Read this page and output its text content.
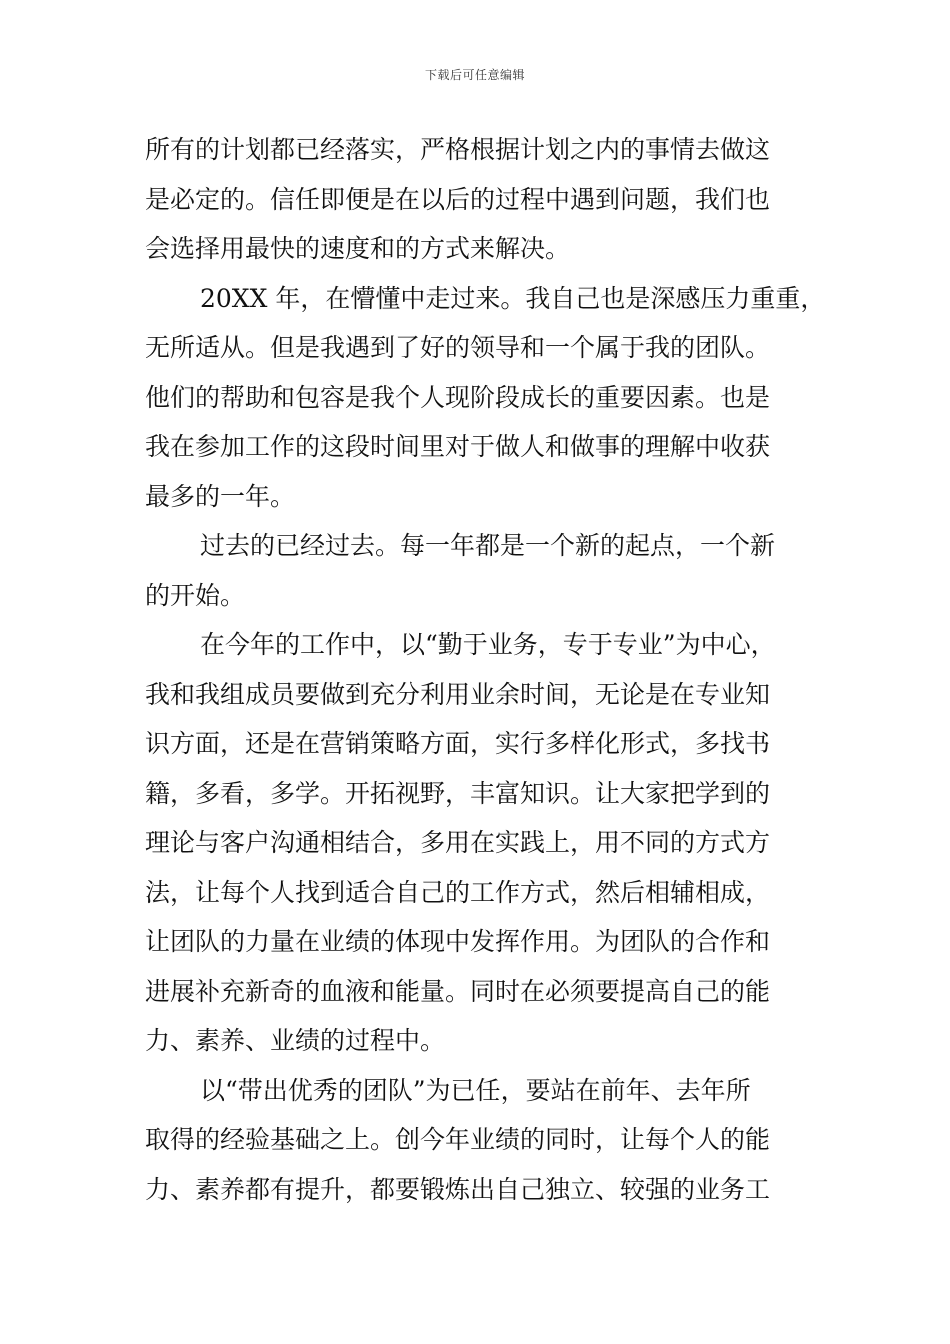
下载后可任意编辑
所有的计划都已经落实，严格根据计划之内的事情去做这
是必定的。信任即便是在以后的过程中遇到问题，我们也
会选择用最快的速度和的方式来解决。
20XX 年，在懵懂中走过来。我自己也是深感压力重重，
无所适从。但是我遇到了好的领导和一个属于我的团队。
他们的帮助和包容是我个人现阶段成长的重要因素。也是
我在参加工作的这段时间里对于做人和做事的理解中收获
最多的一年。
过去的已经过去。每一年都是一个新的起点，一个新
的开始。
在今年的工作中，以“勤于业务，专于专业”为中心，
我和我组成员要做到充分利用业余时间，无论是在专业知
识方面，还是在营销策略方面，实行多样化形式，多找书
籍，多看，多学。开拓视野，丰富知识。让大家把学到的
理论与客户沟通相结合，多用在实践上，用不同的方式方
法，让每个人找到适合自己的工作方式，然后相辅相成，
让团队的力量在业绩的体现中发挥作用。为团队的合作和
进展补充新奇的血液和能量。同时在必须要提高自己的能
力、素养、业绩的过程中。
以“带出优秀的团队”为已任，要站在前年、去年所
取得的经验基础之上。创今年业绩的同时，让每个人的能
力、素养都有提升，都要锻炼出自己独立、较强的业务工
